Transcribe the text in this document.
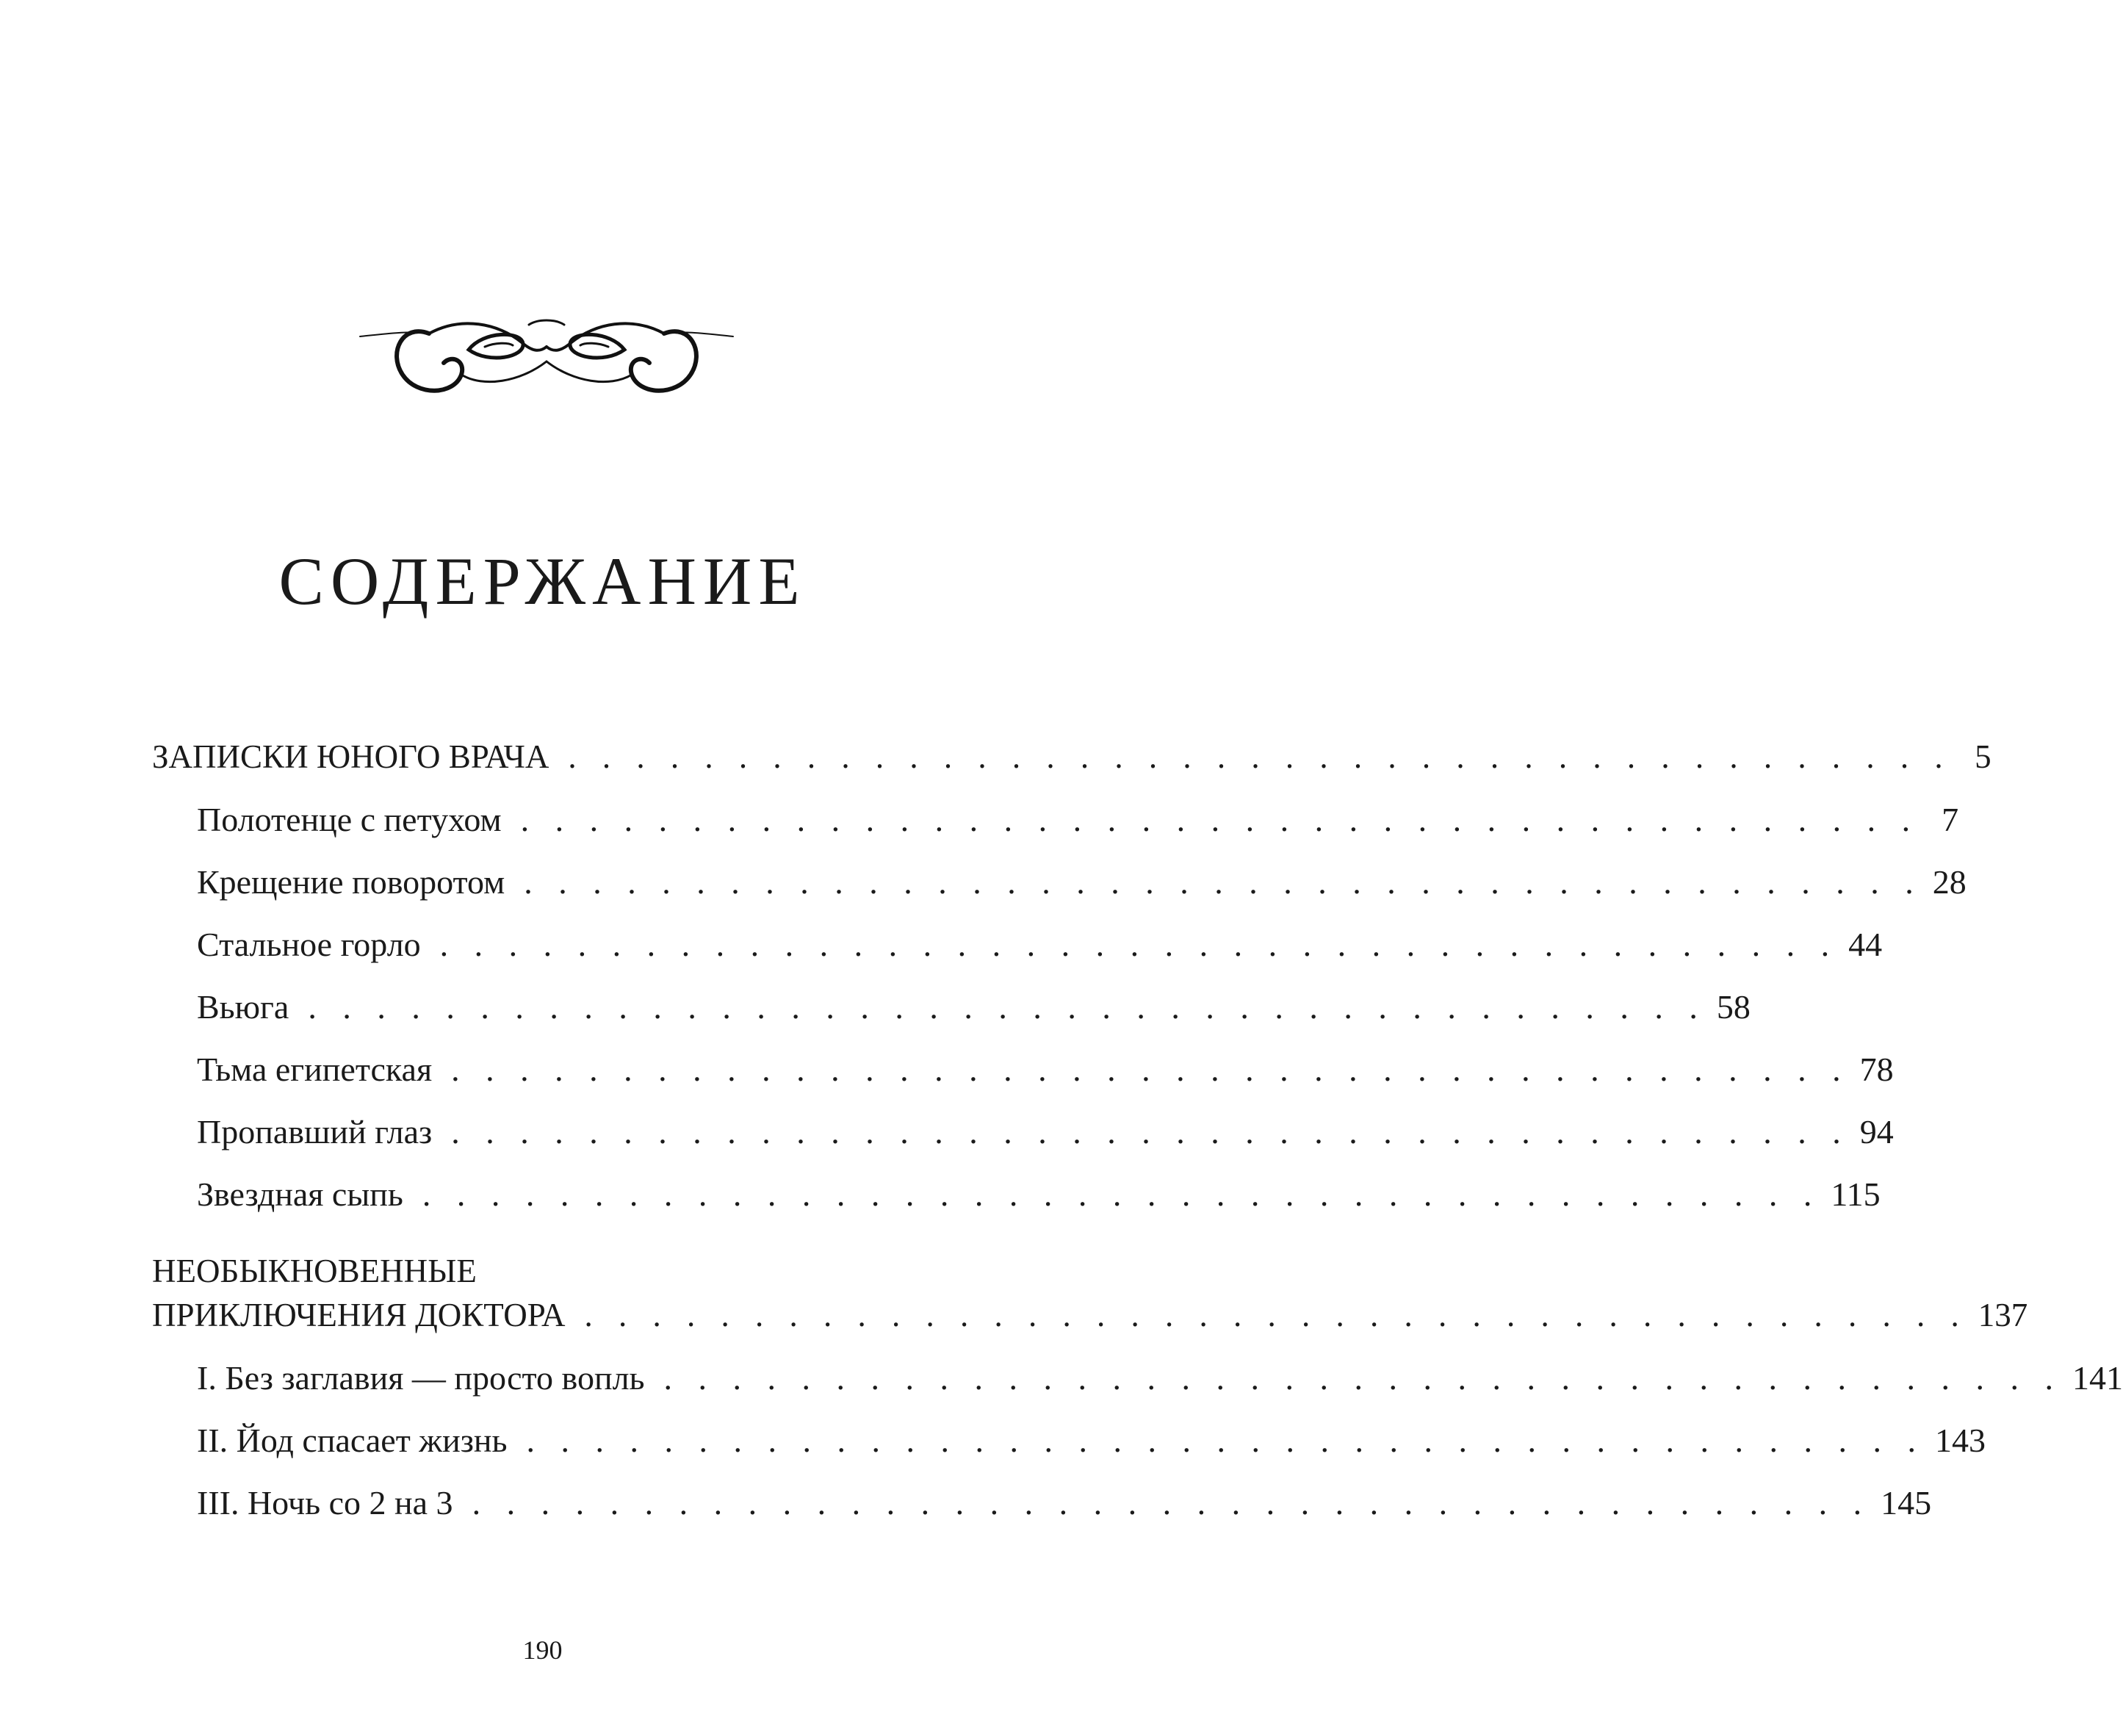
СОДЕРЖАНИЕ
ЗАПИСКИ ЮНОГО ВРАЧА . . . . . . . . . . . . . . . . . . . . . . . . . . . . . . . . . . . . . . . . . 5
Полотенце с петухом . . . . . . . . . . . . . . . . . . . . . . . . . . . . . . . . . . . . . . . . . 7
Крещение поворотом . . . . . . . . . . . . . . . . . . . . . . . . . . . . . . . . . . . . . . . . . 28
Стальное горло . . . . . . . . . . . . . . . . . . . . . . . . . . . . . . . . . . . . . . . . . 44
Вьюга . . . . . . . . . . . . . . . . . . . . . . . . . . . . . . . . . . . . . . . . . 58
Тьма египетская . . . . . . . . . . . . . . . . . . . . . . . . . . . . . . . . . . . . . . . . . 78
Пропавший глаз . . . . . . . . . . . . . . . . . . . . . . . . . . . . . . . . . . . . . . . . . 94
Звездная сыпь . . . . . . . . . . . . . . . . . . . . . . . . . . . . . . . . . . . . . . . . . 115
НЕОБЫКНОВЕННЫЕ
ПРИКЛЮЧЕНИЯ ДОКТОРА . . . . . . . . . . . . . . . . . . . . . . . . . . . . . . . . . . . . . . . . . 137
I. Без заглавия — просто вопль . . . . . . . . . . . . . . . . . . . . . . . . . . . . . . . . . . . . . . . . . 141
II. Йод спасает жизнь . . . . . . . . . . . . . . . . . . . . . . . . . . . . . . . . . . . . . . . . . 143
III. Ночь со 2 на 3 . . . . . . . . . . . . . . . . . . . . . . . . . . . . . . . . . . . . . . . . . 145
190
